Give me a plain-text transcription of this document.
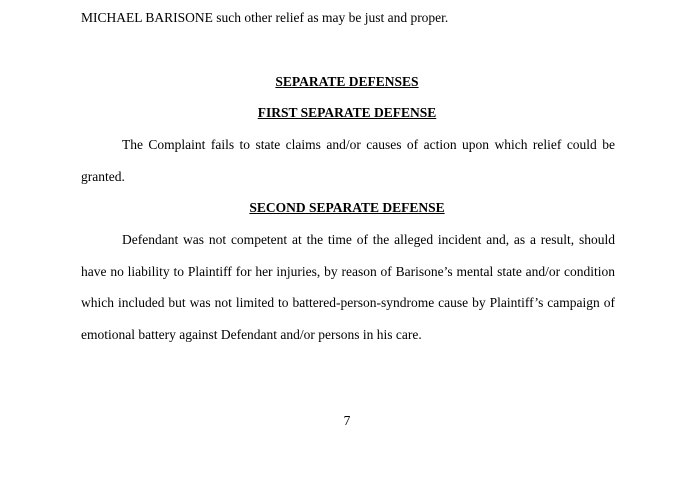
MICHAEL BARISONE such other relief as may be just and proper.
SEPARATE DEFENSES
FIRST SEPARATE DEFENSE
The Complaint fails to state claims and/or causes of action upon which relief could be
granted.
SECOND SEPARATE DEFENSE
Defendant was not competent at the time of the alleged incident and, as a result, should
have no liability to Plaintiff for her injuries, by reason of Barisone’s mental state and/or condition
which included but was not limited to battered-person-syndrome cause by Plaintiff’s campaign of
emotional battery against Defendant and/or persons in his care.
7
